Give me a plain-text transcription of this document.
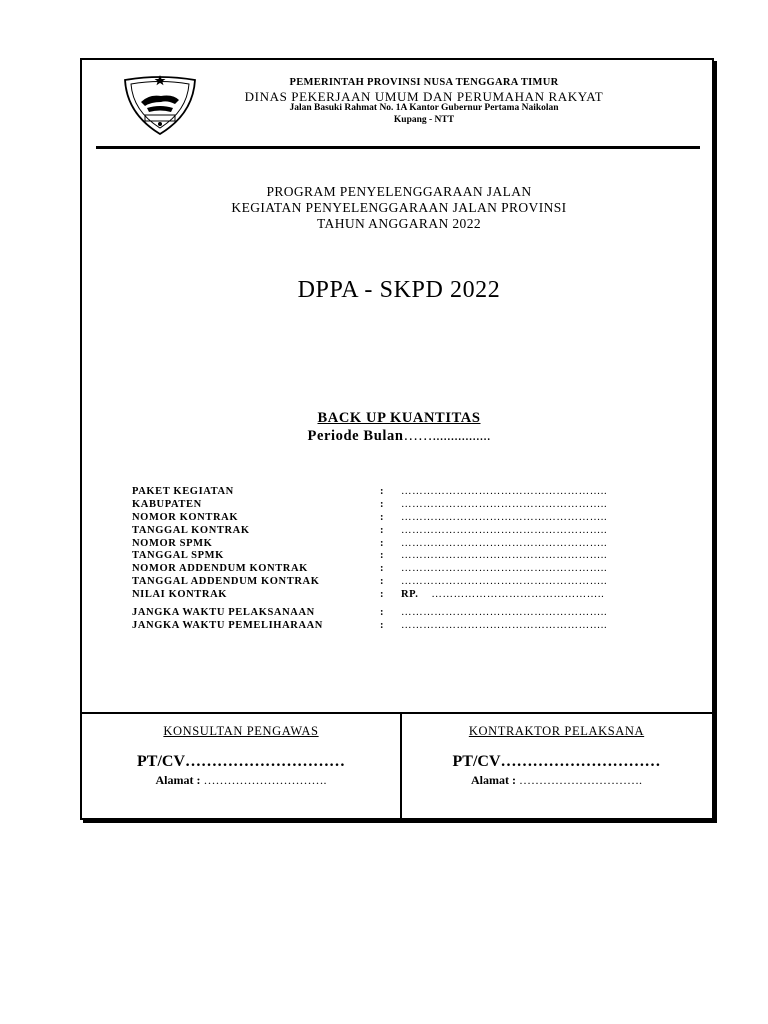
PEMERINTAH PROVINSI NUSA TENGGARA TIMUR
DINAS PEKERJAAN UMUM DAN PERUMAHAN RAKYAT
Jalan Basuki Rahmat No. 1A Kantor Gubernur Pertama Naikolan
Kupang - NTT
PROGRAM PENYELENGGARAAN JALAN
KEGIATAN PENYELENGGARAAN JALAN PROVINSI
TAHUN ANGGARAN 2022
DPPA - SKPD 2022
BACK UP KUANTITAS
Periode Bulan……................
PAKET KEGIATAN	: ………………………………………………..
KABUPATEN	: ………………………………………………..
NOMOR KONTRAK	: ………………………………………………..
TANGGAL KONTRAK	: ………………………………………………..
NOMOR SPMK	: ………………………………………………..
TANGGAL SPMK	: ………………………………………………..
NOMOR ADDENDUM KONTRAK	: ………………………………………………..
TANGGAL ADDENDUM KONTRAK	: ………………………………………………..
NILAI KONTRAK	: RP. ………………………………………..
JANGKA WAKTU PELAKSANAAN	: ………………………………………………..
JANGKA WAKTU PEMELIHARAAN	: ………………………………………………..
KONSULTAN PENGAWAS
PT/CV…………………………
Alamat : ………………………….
KONTRAKTOR PELAKSANA
PT/CV…………………………
Alamat : ………………………….
